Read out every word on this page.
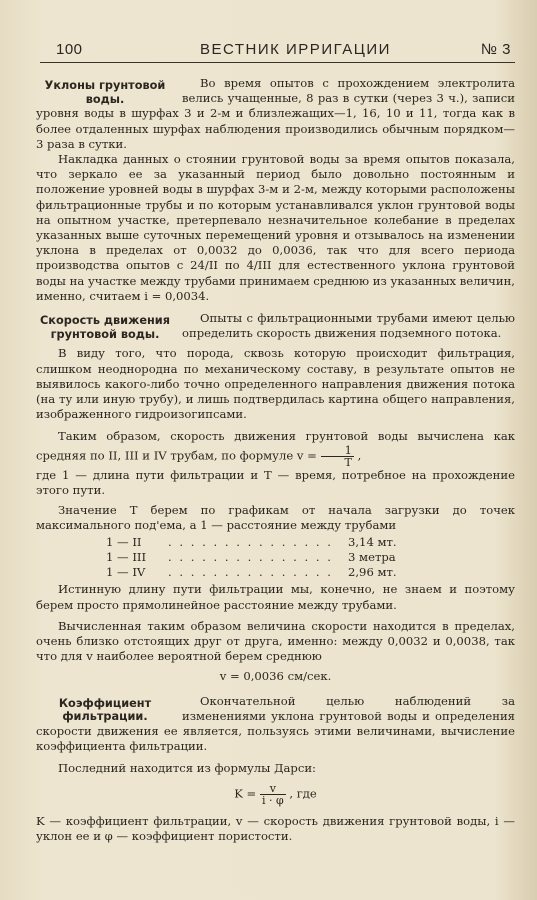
100	ВЕСТНИК ИРРИГАЦИИ	№ 3
Уклоны грунтовой воды.

Во время опытов с прохождением электролита велись учащенные, 8 раз в сутки (через 3 ч.), записи уровня воды в шурфах 3 и 2-м и близлежащих—1, 16, 10 и 11, тогда как в более отдаленных шурфах наблюдения производились обычным порядком—3 раза в сутки.

Накладка данных о стоянии грунтовой воды за время опытов показала, что зеркало ее за указанный период было довольно постоянным и положение уровней воды в шурфах 3-м и 2-м, между которыми расположены фильтрационные трубы и по которым устанавливался уклон грунтовой воды на опытном участке, претерпевало незначительное колебание в пределах указанных выше суточных перемещений уровня и отзывалось на изменении уклона в пределах от 0,0032 до 0,0036, так что для всего периода производства опытов с 24/II по 4/III для естественного уклона грунтовой воды на участке между трубами принимаем среднюю из указанных величин, именно, считаем i = 0,0034.

Скорость движения грунтовой воды.

Опыты с фильтрационными трубами имеют целью определить скорость движения подземного потока.

В виду того, что порода, сквозь которую происходит фильтрация, слишком неоднородна по механическому составу, в результате опытов не выявилось какого-либо точно определенного направления движения потока (на ту или иную трубу), и лишь подтвердилась картина общего направления, изображенного гидроизогипсами.

Таким образом, скорость движения грунтовой воды вычислена как средняя по II, III и IV трубам, по формуле $v = \frac{1}{T}$ ,

где 1 — длина пути фильтрации и T — время, потребное на прохождение этого пути.

Значение T берем по графикам от начала загрузки до точек максимального под'ема, а 1 — расстояние между трубами

1 — II	. . . . . . . . . . . . . . .	3,14 мт.
1 — III	. . . . . . . . . . . . . . .	3 метра
1 — IV	. . . . . . . . . . . . . . .	2,96 мт.

Истинную длину пути фильтрации мы, конечно, не знаем и поэтому берем просто прямолинейное расстояние между трубами.

Вычисленная таким образом величина скорости находится в пределах, очень близко отстоящих друг от друга, именно: между 0,0032 и 0,0038, так что для v наиболее вероятной берем среднюю

v = 0,0036 см/сек.
Коэффициент фильтрации.

Окончательной целью наблюдений за изменениями уклона грунтовой воды и определения скорости движения ее является, пользуясь этими величинами, вычисление коэффициента фильтрации.

Последний находится из формулы Дарси:

$K = \frac{v}{i \cdot \varphi}$ , где

K — коэффициент фильтрации, v — скорость движения грунтовой воды, i — уклон ее и φ — коэффициент пористости.
